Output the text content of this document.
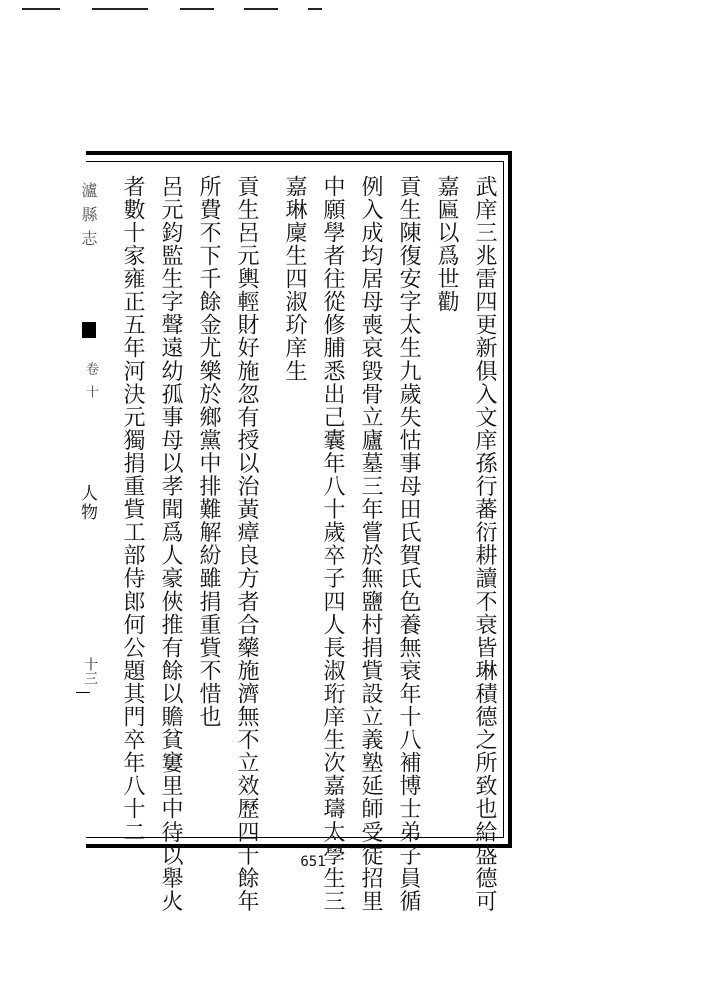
瀘縣志
卷十
人物
十三	武庠三兆雷四更新俱入文庠孫行蕃衍耕讀不衰皆琳積德之所致也給盛德可
嘉匾以爲世勸
貢生陳復安字太生九歲失怙事母田氏賀氏色養無衰年十八補博士弟子員循
例入成均居母喪哀毀骨立廬墓三年嘗於無鹽村捐貲設立義塾延師受徒招里
中願學者往從修脯悉出己囊年八十歲卒子四人長淑珩庠生次嘉璹太學生三
嘉琳廩生四淑玠庠生
貢生呂元輿輕財好施忽有授以治黃瘴良方者合藥施濟無不立效歷四十餘年
所費不下千餘金尤樂於鄉黨中排難解紛雖捐重貲不惜也
呂元鈞監生字聲遠幼孤事母以孝聞爲人豪俠推有餘以贍貧窶里中待以舉火
者數十家雍正五年河決元獨捐重貲工部侍郎何公題其門卒年八十二
651
